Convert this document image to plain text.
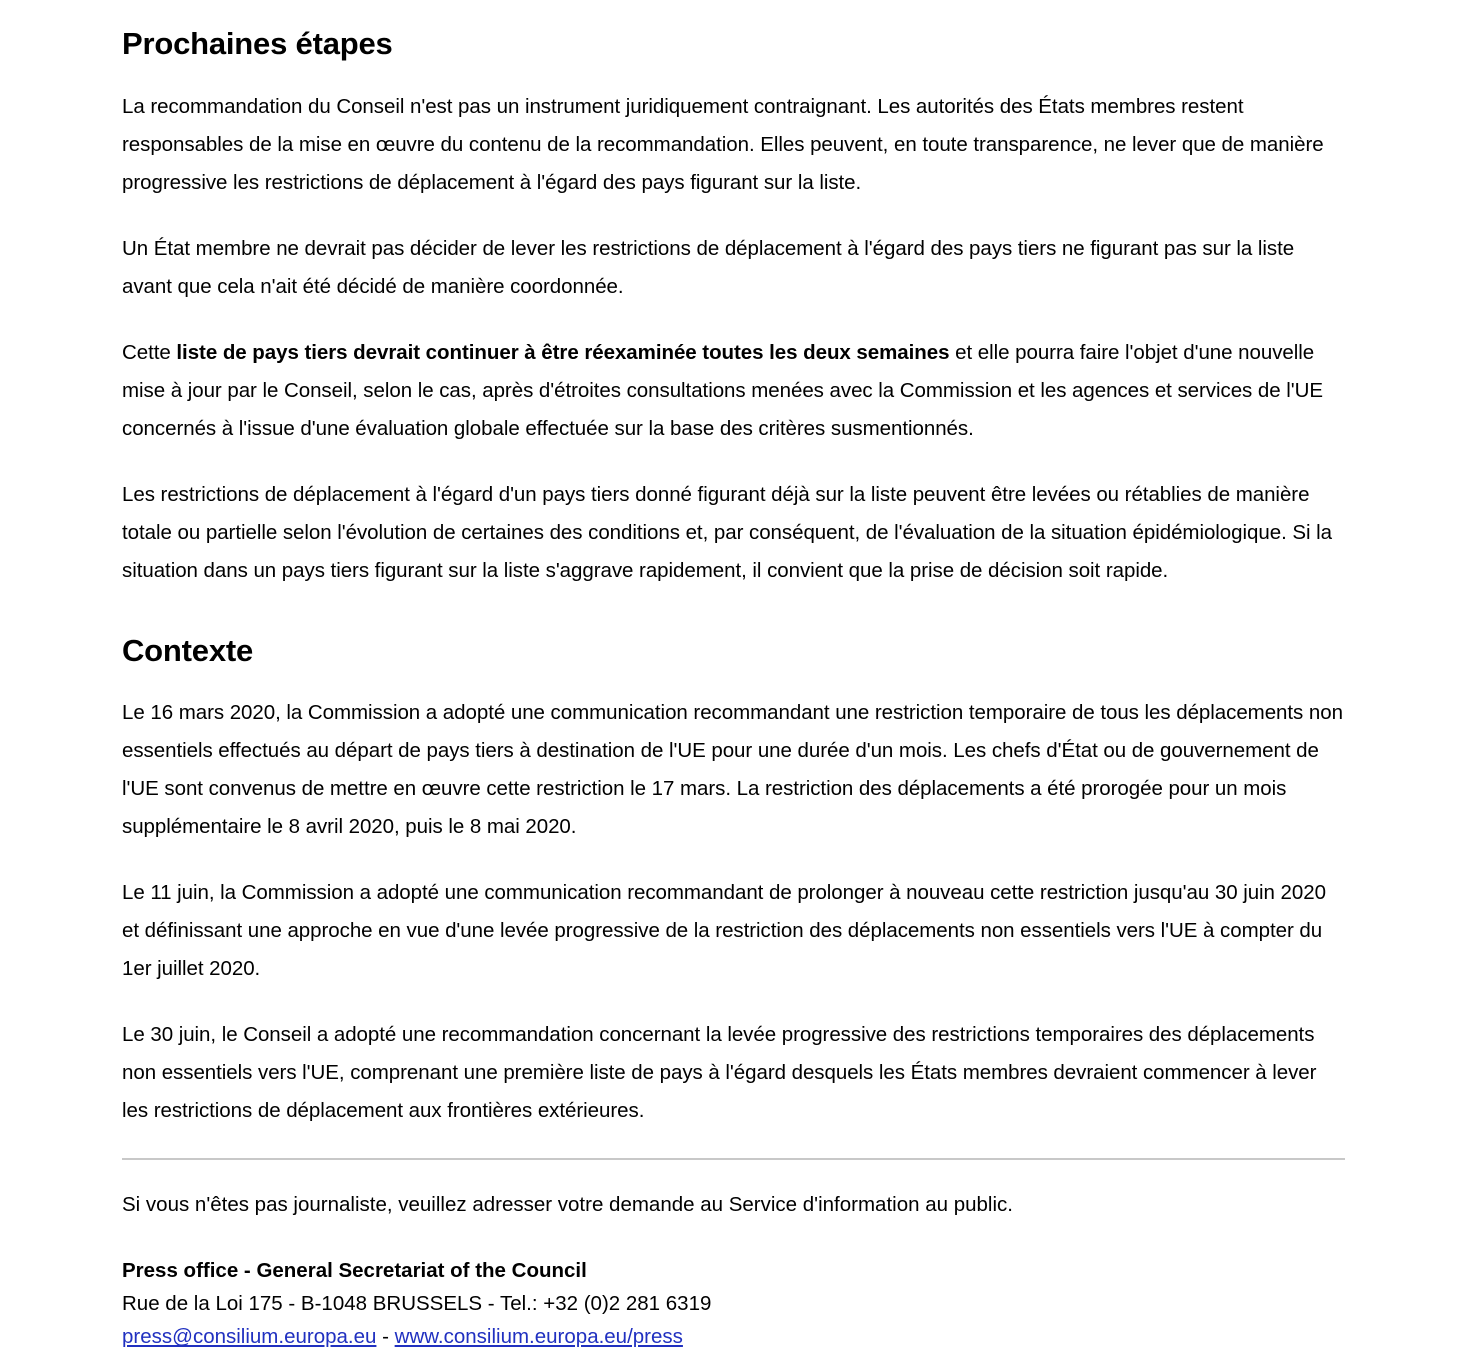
Prochaines étapes

La recommandation du Conseil n'est pas un instrument juridiquement contraignant. Les autorités des États membres restent responsables de la mise en œuvre du contenu de la recommandation. Elles peuvent, en toute transparence, ne lever que de manière progressive les restrictions de déplacement à l'égard des pays figurant sur la liste.

Un État membre ne devrait pas décider de lever les restrictions de déplacement à l'égard des pays tiers ne figurant pas sur la liste avant que cela n'ait été décidé de manière coordonnée.

Cette liste de pays tiers devrait continuer à être réexaminée toutes les deux semaines et elle pourra faire l'objet d'une nouvelle mise à jour par le Conseil, selon le cas, après d'étroites consultations menées avec la Commission et les agences et services de l'UE concernés à l'issue d'une évaluation globale effectuée sur la base des critères susmentionnés.

Les restrictions de déplacement à l'égard d'un pays tiers donné figurant déjà sur la liste peuvent être levées ou rétablies de manière totale ou partielle selon l'évolution de certaines des conditions et, par conséquent, de l'évaluation de la situation épidémiologique. Si la situation dans un pays tiers figurant sur la liste s'aggrave rapidement, il convient que la prise de décision soit rapide.

Contexte

Le 16 mars 2020, la Commission a adopté une communication recommandant une restriction temporaire de tous les déplacements non essentiels effectués au départ de pays tiers à destination de l'UE pour une durée d'un mois. Les chefs d'État ou de gouvernement de l'UE sont convenus de mettre en œuvre cette restriction le 17 mars. La restriction des déplacements a été prorogée pour un mois supplémentaire le 8 avril 2020, puis le 8 mai 2020.

Le 11 juin, la Commission a adopté une communication recommandant de prolonger à nouveau cette restriction jusqu'au 30 juin 2020 et définissant une approche en vue d'une levée progressive de la restriction des déplacements non essentiels vers l'UE à compter du 1er juillet 2020.

Le 30 juin, le Conseil a adopté une recommandation concernant la levée progressive des restrictions temporaires des déplacements non essentiels vers l'UE, comprenant une première liste de pays à l'égard desquels les États membres devraient commencer à lever les restrictions de déplacement aux frontières extérieures.

Si vous n'êtes pas journaliste, veuillez adresser votre demande au Service d'information au public.

Press office - General Secretariat of the Council
Rue de la Loi 175 - B-1048 BRUSSELS - Tel.: +32 (0)2 281 6319
press@consilium.europa.eu - www.consilium.europa.eu/press
